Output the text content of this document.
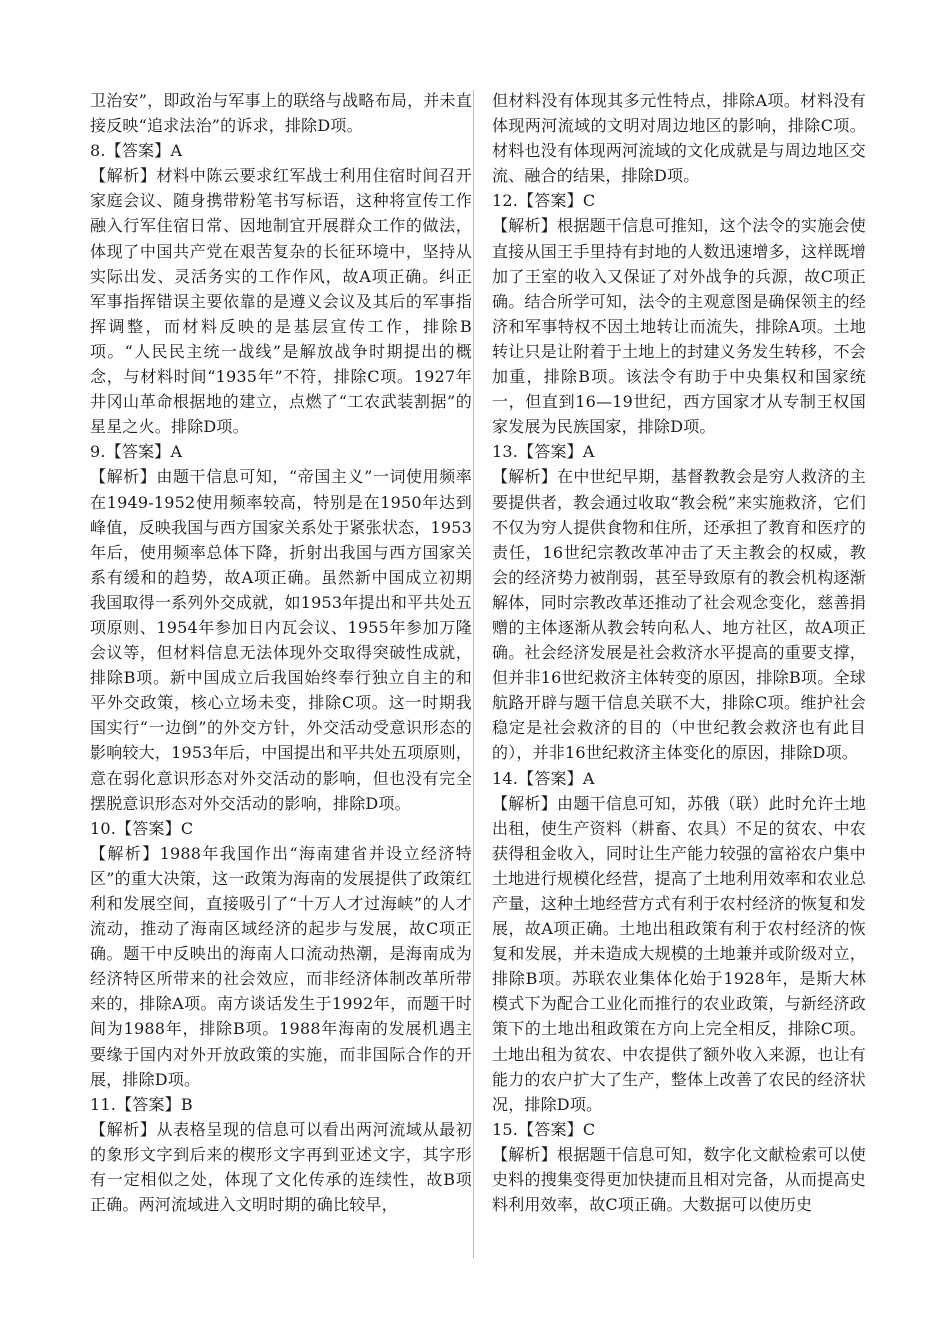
卫治安”，即政治与军事上的联络与战略布局，并未直接反映“追求法治”的诉求，排除D项。

8.【答案】A

【解析】材料中陈云要求红军战士利用住宿时间召开家庭会议、随身携带粉笔书写标语，这种将宣传工作融入行军住宿日常、因地制宜开展群众工作的做法，体现了中国共产党在艰苦复杂的长征环境中，坚持从实际出发、灵活务实的工作作风，故A项正确。纠正军事指挥错误主要依靠的是遵义会议及其后的军事指挥调整，而材料反映的是基层宣传工作，排除B项。“人民民主统一战线”是解放战争时期提出的概念，与材料时间“1935年”不符，排除C项。1927年井冈山革命根据地的建立，点燃了“工农武装割据”的星星之火。排除D项。

9.【答案】A

【解析】由题干信息可知，“帝国主义”一词使用频率在1949-1952使用频率较高，特别是在1950年达到峰值，反映我国与西方国家关系处于紧张状态，1953年后，使用频率总体下降，折射出我国与西方国家关系有缓和的趋势，故A项正确。虽然新中国成立初期我国取得一系列外交成就，如1953年提出和平共处五项原则、1954年参加日内瓦会议、1955年参加万隆会议等，但材料信息无法体现外交取得突破性成就，排除B项。新中国成立后我国始终奉行独立自主的和平外交政策，核心立场未变，排除C项。这一时期我国实行“一边倒”的外交方针，外交活动受意识形态的影响较大，1953年后，中国提出和平共处五项原则，意在弱化意识形态对外交活动的影响，但也没有完全摆脱意识形态对外交活动的影响，排除D项。

10.【答案】C

【解析】1988年我国作出“海南建省并设立经济特区”的重大决策，这一政策为海南的发展提供了政策红利和发展空间，直接吸引了“十万人才过海峡”的人才流动，推动了海南区域经济的起步与发展，故C项正确。题干中反映出的海南人口流动热潮，是海南成为经济特区所带来的社会效应，而非经济体制改革所带来的，排除A项。南方谈话发生于1992年，而题干时间为1988年，排除B项。1988年海南的发展机遇主要缘于国内对外开放政策的实施，而非国际合作的开展，排除D项。

11.【答案】B

【解析】从表格呈现的信息可以看出两河流域从最初的象形文字到后来的楔形文字再到亚述文字，其字形有一定相似之处，体现了文化传承的连续性，故B项正确。两河流域进入文明时期的确比较早，

但材料没有体现其多元性特点，排除A项。材料没有体现两河流域的文明对周边地区的影响，排除C项。材料也没有体现两河流域的文化成就是与周边地区交流、融合的结果，排除D项。

12.【答案】C

【解析】根据题干信息可推知，这个法令的实施会使直接从国王手里持有封地的人数迅速增多，这样既增加了王室的收入又保证了对外战争的兵源，故C项正确。结合所学可知，法令的主观意图是确保领主的经济和军事特权不因土地转让而流失，排除A项。土地转让只是让附着于土地上的封建义务发生转移，不会加重，排除B项。该法令有助于中央集权和国家统一，但直到16—19世纪，西方国家才从专制王权国家发展为民族国家，排除D项。

13.【答案】A

【解析】在中世纪早期，基督教教会是穷人救济的主要提供者，教会通过收取“教会税”来实施救济，它们不仅为穷人提供食物和住所，还承担了教育和医疗的责任，16世纪宗教改革冲击了天主教会的权威，教会的经济势力被削弱，甚至导致原有的教会机构逐渐解体，同时宗教改革还推动了社会观念变化，慈善捐赠的主体逐渐从教会转向私人、地方社区，故A项正确。社会经济发展是社会救济水平提高的重要支撑，但并非16世纪救济主体转变的原因，排除B项。全球航路开辟与题干信息关联不大，排除C项。维护社会稳定是社会救济的目的（中世纪教会救济也有此目的），并非16世纪救济主体变化的原因，排除D项。

14.【答案】A

【解析】由题干信息可知，苏俄（联）此时允许土地出租，使生产资料（耕畜、农具）不足的贫农、中农获得租金收入，同时让生产能力较强的富裕农户集中土地进行规模化经营，提高了土地利用效率和农业总产量，这种土地经营方式有利于农村经济的恢复和发展，故A项正确。土地出租政策有利于农村经济的恢复和发展，并未造成大规模的土地兼并或阶级对立，排除B项。苏联农业集体化始于1928年，是斯大林模式下为配合工业化而推行的农业政策，与新经济政策下的土地出租政策在方向上完全相反，排除C项。土地出租为贫农、中农提供了额外收入来源，也让有能力的农户扩大了生产，整体上改善了农民的经济状况，排除D项。

15.【答案】C

【解析】根据题干信息可知，数字化文献检索可以使史料的搜集变得更加快捷而且相对完备，从而提高史料利用效率，故C项正确。大数据可以使历史
